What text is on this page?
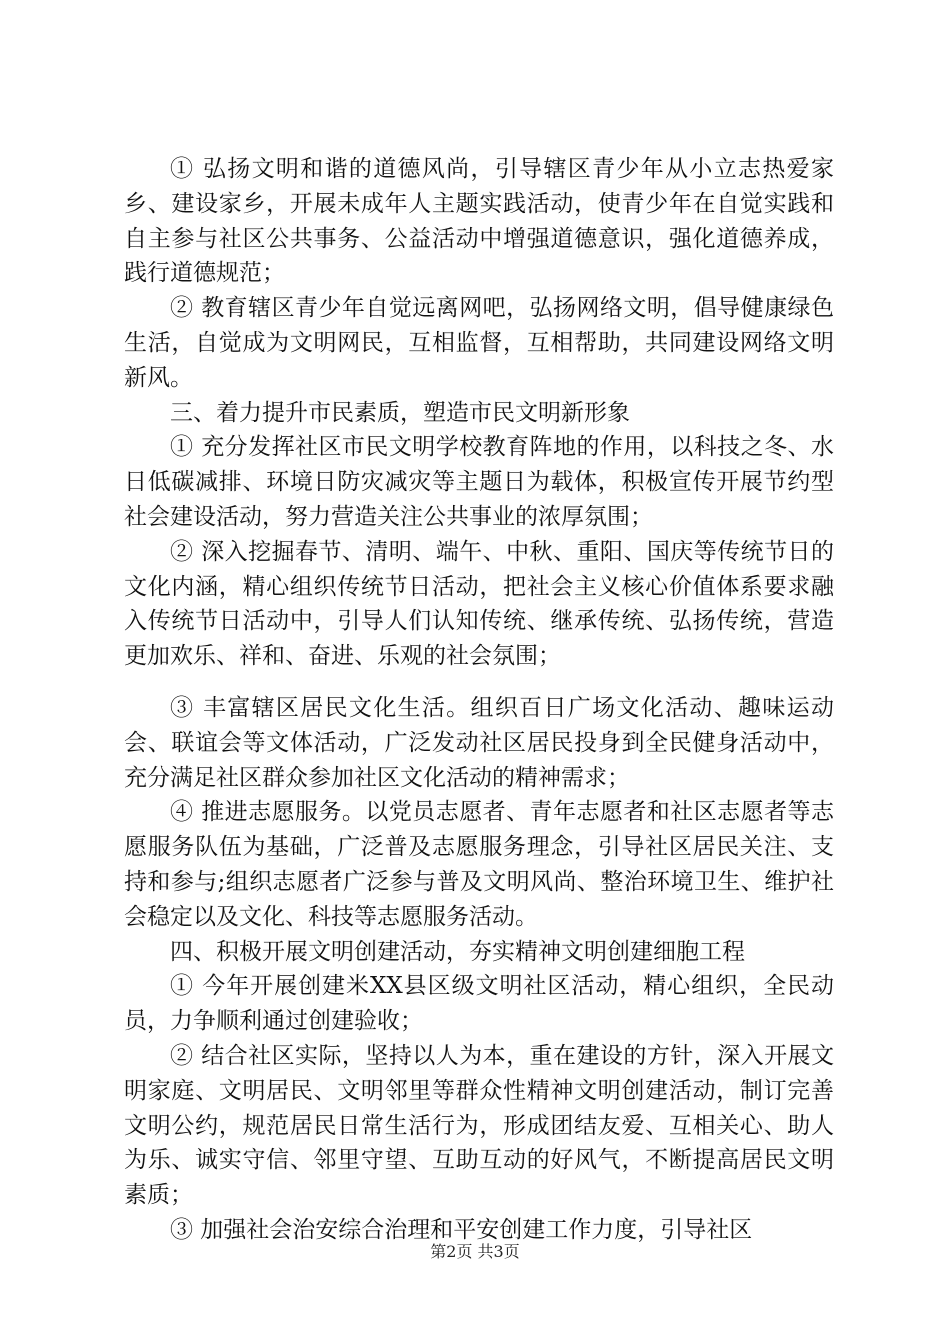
① 弘扬文明和谐的道德风尚，引导辖区青少年从小立志热爱家乡、建设家乡，开展未成年人主题实践活动，使青少年在自觉实践和自主参与社区公共事务、公益活动中增强道德意识，强化道德养成，践行道德规范；

② 教育辖区青少年自觉远离网吧，弘扬网络文明，倡导健康绿色生活，自觉成为文明网民，互相监督，互相帮助，共同建设网络文明新风。

三、着力提升市民素质，塑造市民文明新形象

① 充分发挥社区市民文明学校教育阵地的作用，以科技之冬、水日低碳减排、环境日防灾减灾等主题日为载体，积极宣传开展节约型社会建设活动，努力营造关注公共事业的浓厚氛围；

② 深入挖掘春节、清明、端午、中秋、重阳、国庆等传统节日的文化内涵，精心组织传统节日活动，把社会主义核心价值体系要求融入传统节日活动中，引导人们认知传统、继承传统、弘扬传统，营造更加欢乐、祥和、奋进、乐观的社会氛围；

③ 丰富辖区居民文化生活。组织百日广场文化活动、趣味运动会、联谊会等文体活动，广泛发动社区居民投身到全民健身活动中，充分满足社区群众参加社区文化活动的精神需求；

④ 推进志愿服务。以党员志愿者、青年志愿者和社区志愿者等志愿服务队伍为基础，广泛普及志愿服务理念，引导社区居民关注、支持和参与;组织志愿者广泛参与普及文明风尚、整治环境卫生、维护社会稳定以及文化、科技等志愿服务活动。

四、积极开展文明创建活动，夯实精神文明创建细胞工程

① 今年开展创建米XX县区级文明社区活动，精心组织，全民动员，力争顺利通过创建验收；

② 结合社区实际，坚持以人为本，重在建设的方针，深入开展文明家庭、文明居民、文明邻里等群众性精神文明创建活动，制订完善文明公约，规范居民日常生活行为，形成团结友爱、互相关心、助人为乐、诚实守信、邻里守望、互助互动的好风气，不断提高居民文明素质；

③ 加强社会治安综合治理和平安创建工作力度，引导社区

第2页 共3页
